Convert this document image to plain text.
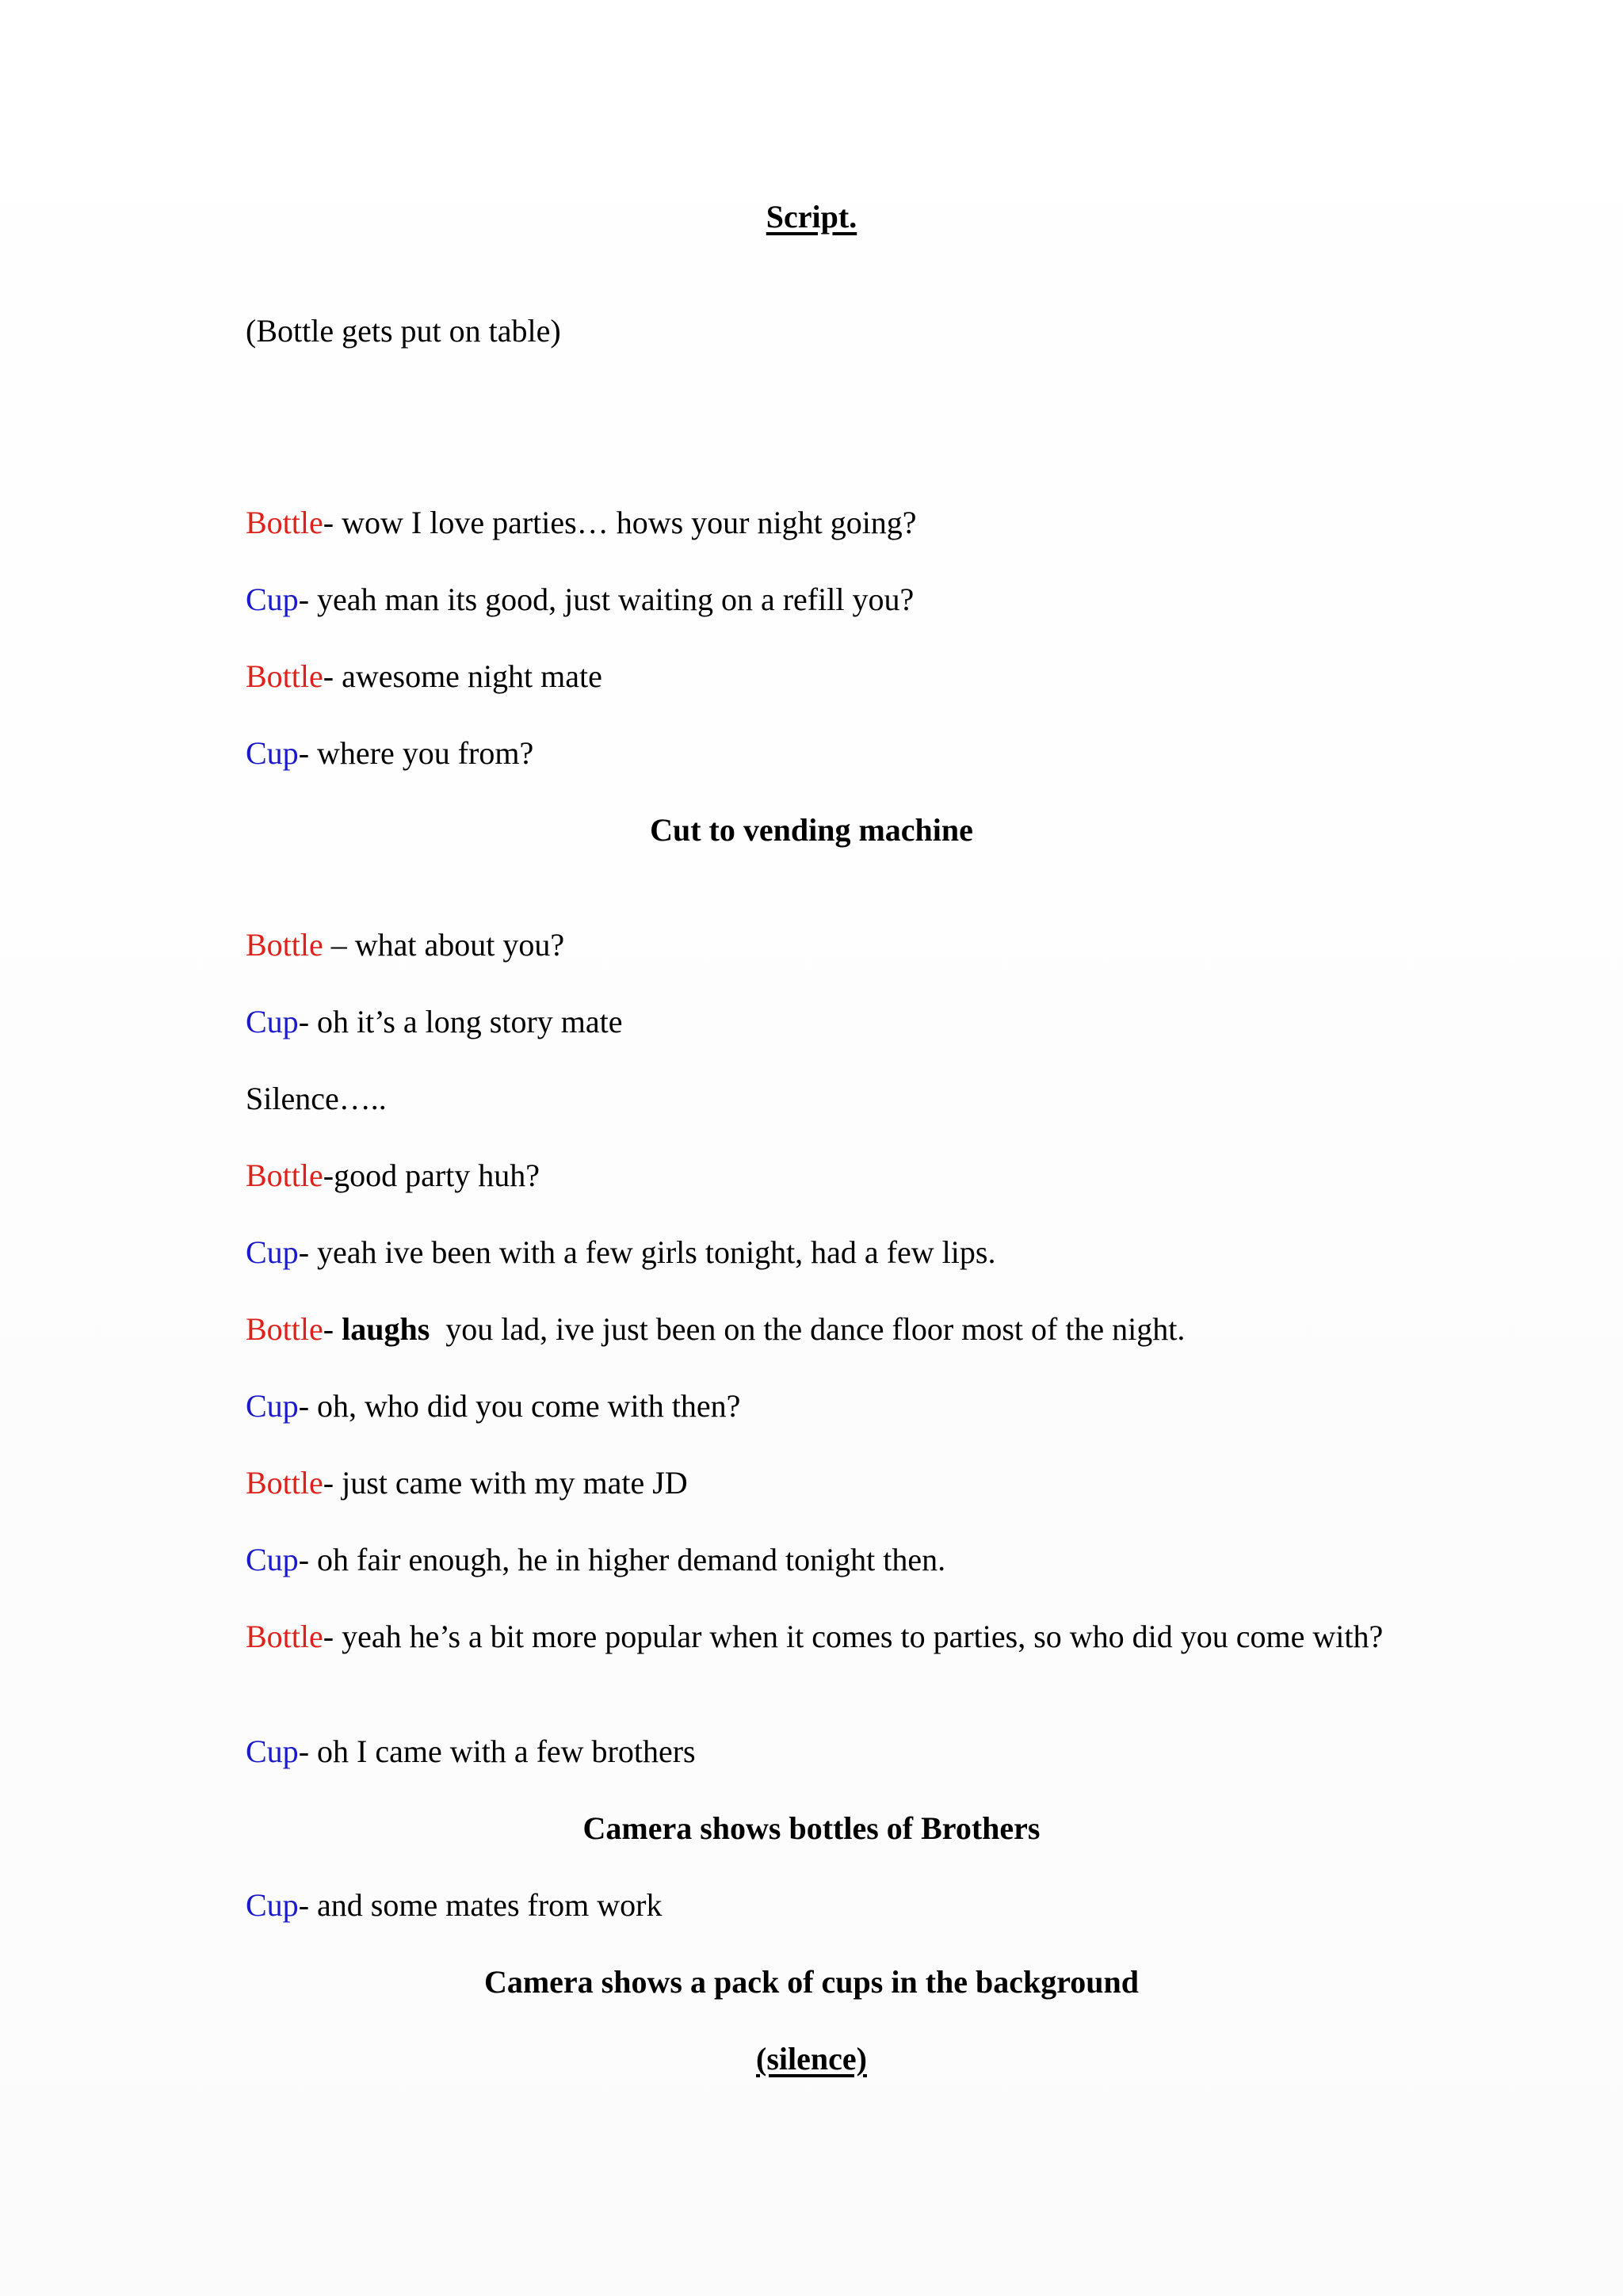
Script.
(Bottle gets put on table)
Bottle- wow I love parties… hows your night going?
Cup- yeah man its good, just waiting on a refill you?
Bottle- awesome night mate
Cup- where you from?
Cut to vending machine
Bottle – what about you?
Cup- oh it’s a long story mate
Silence…..
Bottle-good party huh?
Cup- yeah ive been with a few girls tonight, had a few lips.
Bottle- laughs  you lad, ive just been on the dance floor most of the night.
Cup- oh, who did you come with then?
Bottle- just came with my mate JD
Cup- oh fair enough, he in higher demand tonight then.
Bottle- yeah he’s a bit more popular when it comes to parties, so who did you come with?
Cup- oh I came with a few brothers
Camera shows bottles of Brothers
Cup- and some mates from work
Camera shows a pack of cups in the background
(silence)
